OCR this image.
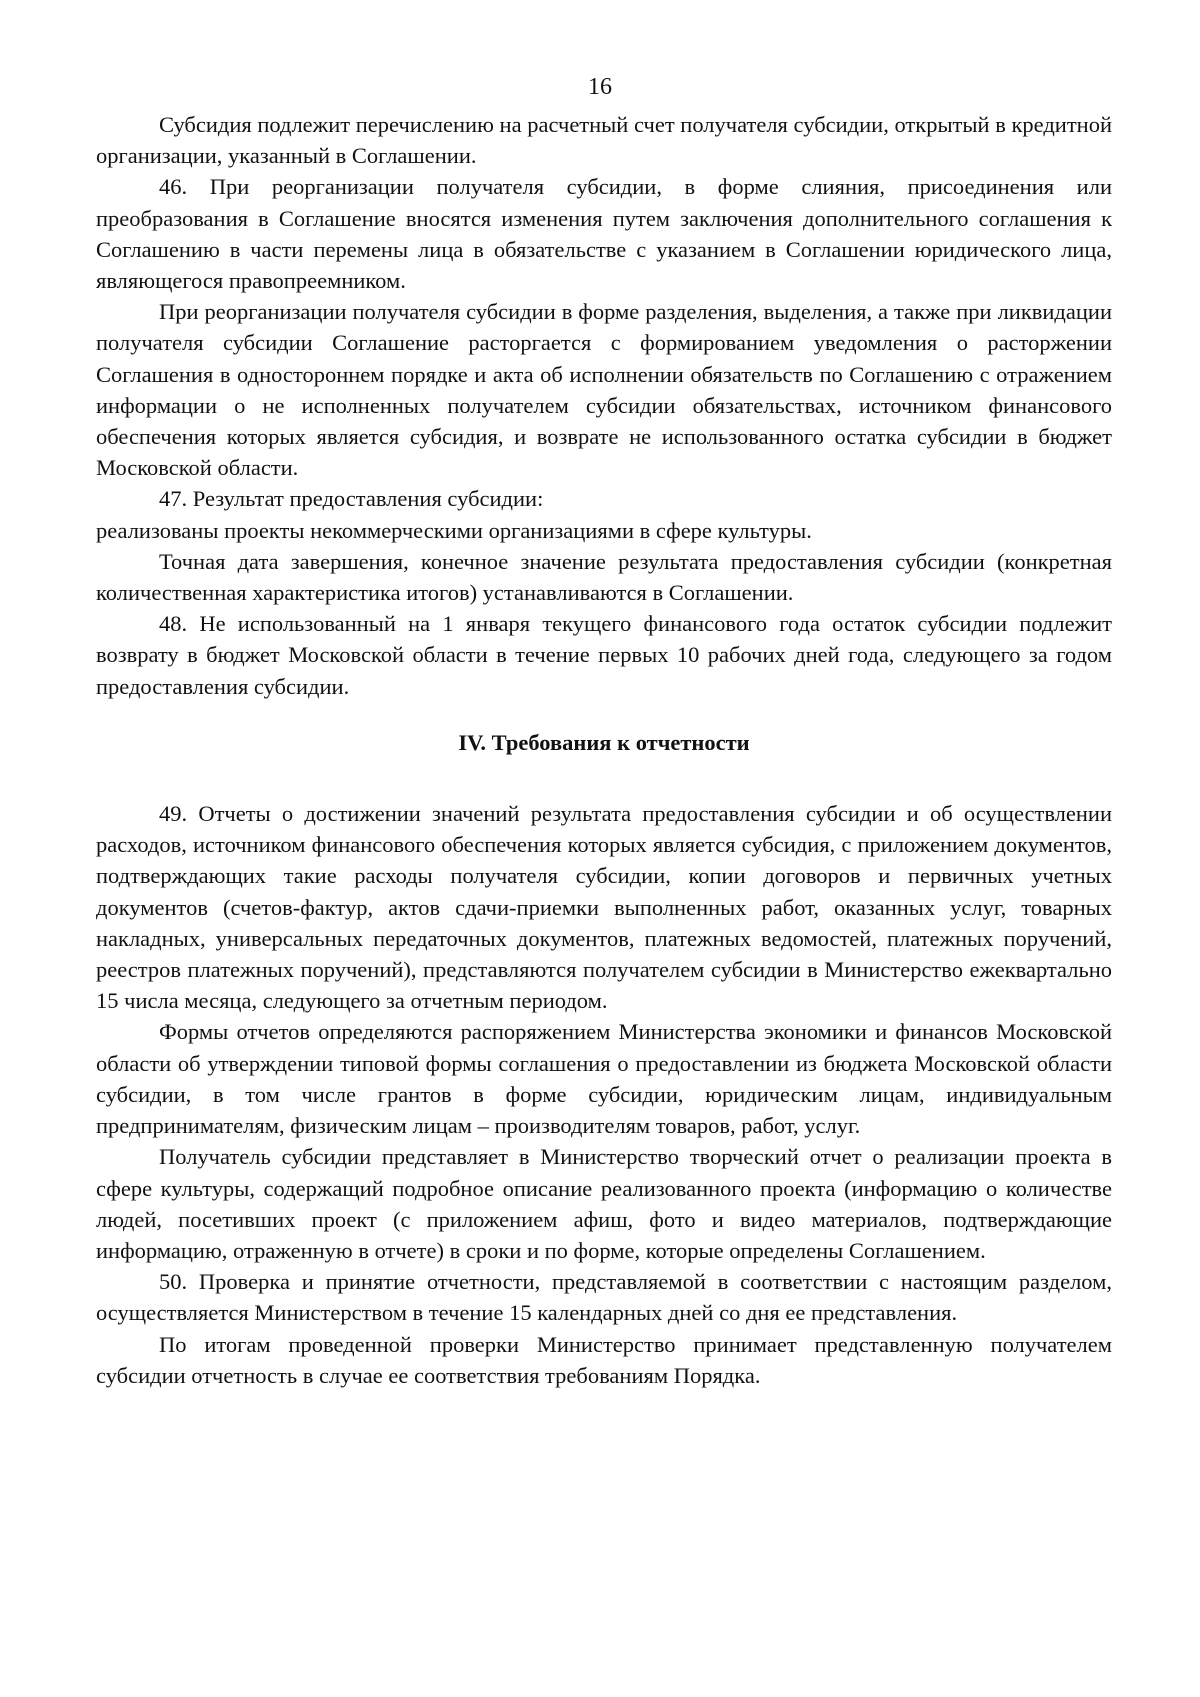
16

Субсидия подлежит перечислению на расчетный счет получателя субсидии, открытый в кредитной организации, указанный в Соглашении.

46. При реорганизации получателя субсидии, в форме слияния, присоединения или преобразования в Соглашение вносятся изменения путем заключения дополнительного соглашения к Соглашению в части перемены лица в обязательстве с указанием в Соглашении юридического лица, являющегося правопреемником.

При реорганизации получателя субсидии в форме разделения, выделения, а также при ликвидации получателя субсидии Соглашение расторгается с формированием уведомления о расторжении Соглашения в одностороннем порядке и акта об исполнении обязательств по Соглашению с отражением информации о не исполненных получателем субсидии обязательствах, источником финансового обеспечения которых является субсидия, и возврате не использованного остатка субсидии в бюджет Московской области.

47. Результат предоставления субсидии:

реализованы проекты некоммерческими организациями в сфере культуры.

Точная дата завершения, конечное значение результата предоставления субсидии (конкретная количественная характеристика итогов) устанавливаются в Соглашении.

48. Не использованный на 1 января текущего финансового года остаток субсидии подлежит возврату в бюджет Московской области в течение первых 10 рабочих дней года, следующего за годом предоставления субсидии.

IV. Требования к отчетности

49. Отчеты о достижении значений результата предоставления субсидии и об осуществлении расходов, источником финансового обеспечения которых является субсидия, с приложением документов, подтверждающих такие расходы получателя субсидии, копии договоров и первичных учетных документов (счетов-фактур, актов сдачи-приемки выполненных работ, оказанных услуг, товарных накладных, универсальных передаточных документов, платежных ведомостей, платежных поручений, реестров платежных поручений), представляются получателем субсидии в Министерство ежеквартально 15 числа месяца, следующего за отчетным периодом.

Формы отчетов определяются распоряжением Министерства экономики и финансов Московской области об утверждении типовой формы соглашения о предоставлении из бюджета Московской области субсидии, в том числе грантов в форме субсидии, юридическим лицам, индивидуальным предпринимателям, физическим лицам – производителям товаров, работ, услуг.

Получатель субсидии представляет в Министерство творческий отчет о реализации проекта в сфере культуры, содержащий подробное описание реализованного проекта (информацию о количестве людей, посетивших проект (с приложением афиш, фото и видео материалов, подтверждающие информацию, отраженную в отчете) в сроки и по форме, которые определены Соглашением.

50. Проверка и принятие отчетности, представляемой в соответствии с настоящим разделом, осуществляется Министерством в течение 15 календарных дней со дня ее представления.

По итогам проведенной проверки Министерство принимает представленную получателем субсидии отчетность в случае ее соответствия требованиям Порядка.
